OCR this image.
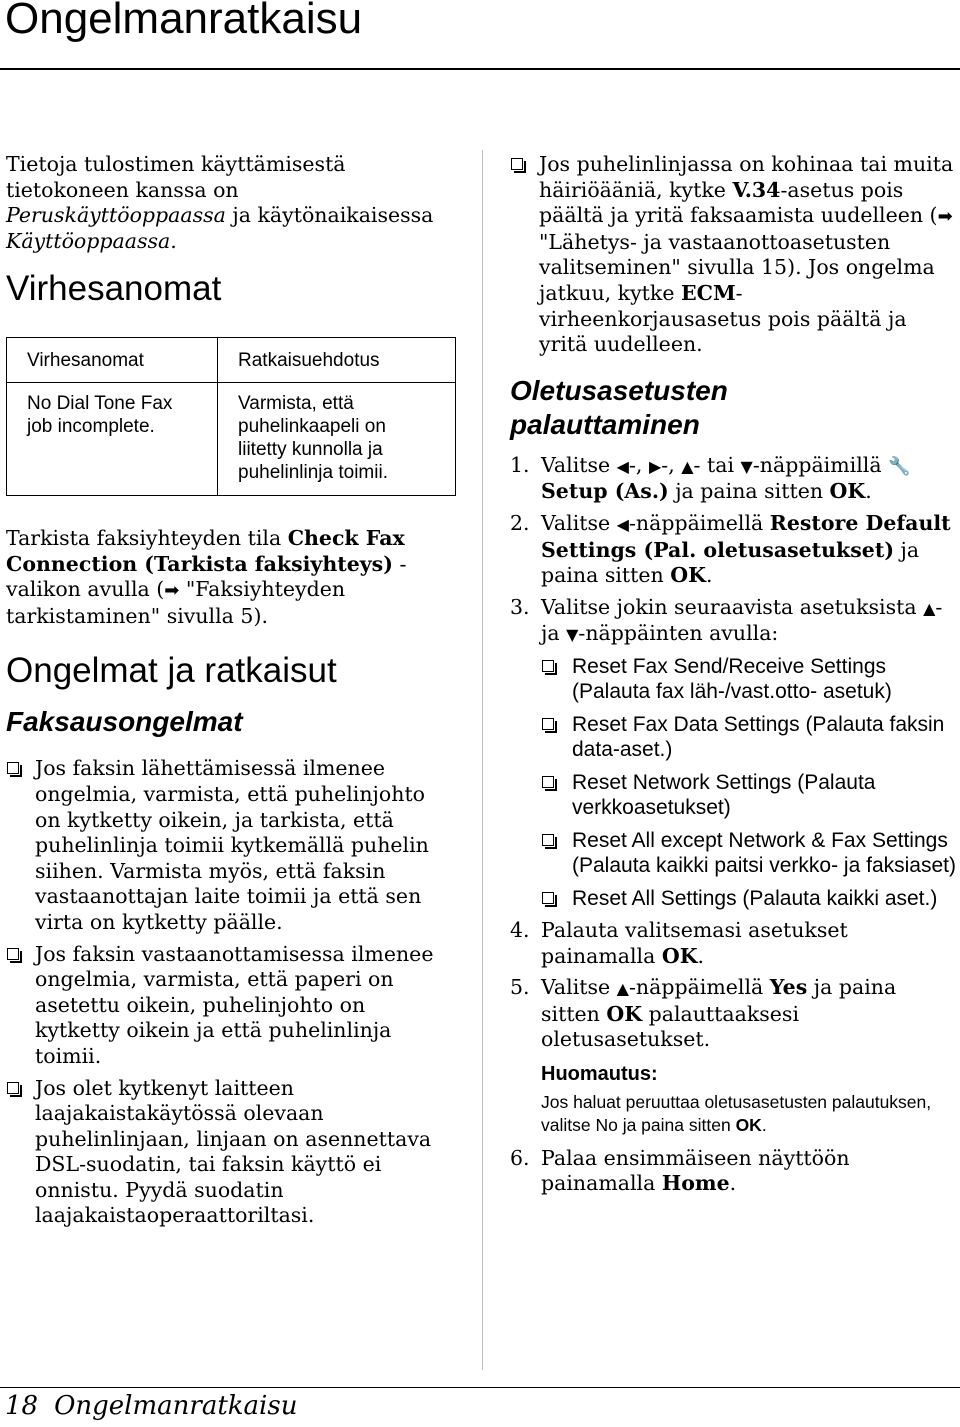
Ongelmanratkaisu

Tietoja tulostimen käyttämisestä tietokoneen kanssa on Peruskäyttöoppaassa ja käytönaikaisessa Käyttöoppaassa.

Virhesanomat
Virhesanomat	Ratkaisuehdotus

No Dial Tone Fax job incomplete.	Varmista, että puhelinkaapeli on liitetty kunnolla ja puhelinlinja toimii.

Tarkista faksiyhteyden tila Check Fax Connection (Tarkista faksiyhteys) -valikon avulla (➡ "Faksiyhteyden tarkistaminen" sivulla 5).

Ongelmat ja ratkaisut
Faksausongelmat
Jos faksin lähettämisessä ilmenee ongelmia, varmista, että puhelinjohto on kytketty oikein, ja tarkista, että puhelinlinja toimii kytkemällä puhelin siihen. Varmista myös, että faksin vastaanottajan laite toimii ja että sen virta on kytketty päälle.
Jos faksin vastaanottamisessa ilmenee ongelmia, varmista, että paperi on asetettu oikein, puhelinjohto on kytketty oikein ja että puhelinlinja toimii.
Jos olet kytkenyt laitteen laajakaistakäytössä olevaan puhelinlinjaan, linjaan on asennettava DSL-suodatin, tai faksin käyttö ei onnistu. Pyydä suodatin laajakaistaoperaattoriltasi.
Jos puhelinlinjassa on kohinaa tai muita häiriöääniä, kytke V.34-asetus pois päältä ja yritä faksaamista uudelleen (➡ "Lähetys- ja vastaanottoasetusten valitseminen" sivulla 15). Jos ongelma jatkuu, kytke ECM-virheenkorjausasetus pois päältä ja yritä uudelleen.
Oletusasetusten palauttaminen
1. Valitse ◀-, ▶-, ▲- tai ▼-näppäimillä 🔧 Setup (As.) ja paina sitten OK.
2. Valitse ◀-näppäimellä Restore Default Settings (Pal. oletusasetukset) ja paina sitten OK.
3. Valitse jokin seuraavista asetuksista ▲- ja ▼-näppäinten avulla:
Reset Fax Send/Receive Settings (Palauta fax läh-/vast.otto- asetuk)
Reset Fax Data Settings (Palauta faksin data-aset.)
Reset Network Settings (Palauta verkkoasetukset)
Reset All except Network & Fax Settings (Palauta kaikki paitsi verkko- ja faksiaset)
Reset All Settings (Palauta kaikki aset.)
4. Palauta valitsemasi asetukset painamalla OK.
5. Valitse ▲-näppäimellä Yes ja paina sitten OK palauttaaksesi oletusasetukset.
Huomautus:
Jos haluat peruuttaa oletusasetusten palautuksen, valitse No ja paina sitten OK.
6. Palaa ensimmäiseen näyttöön painamalla Home.
18 Ongelmanratkaisu
